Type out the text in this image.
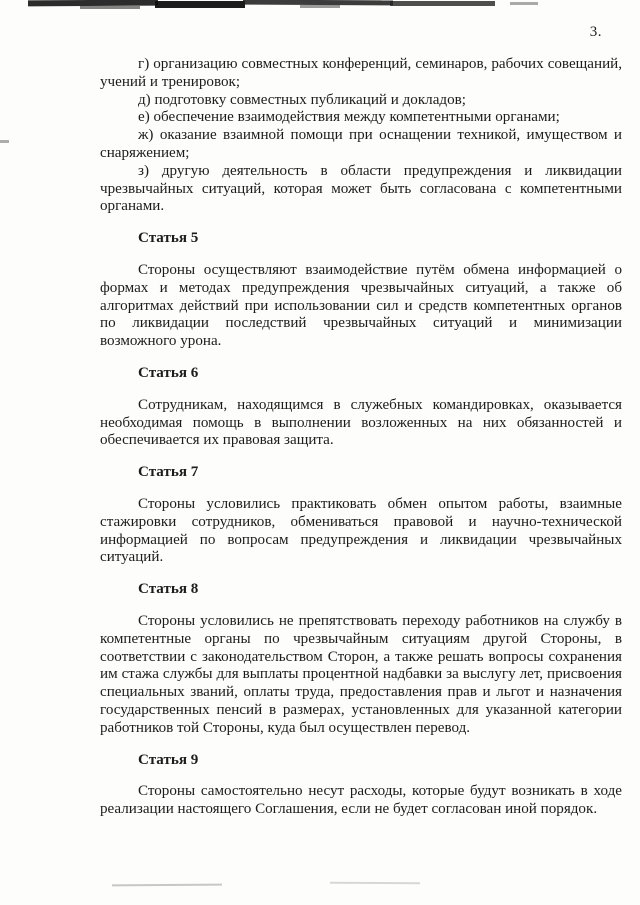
3.

г) организацию совместных конференций, семинаров, рабочих совещаний, учений и тренировок;

д) подготовку совместных публикаций и докладов;

е) обеспечение взаимодействия между компетентными органами;

ж) оказание взаимной помощи при оснащении техникой, имуществом и снаряжением;

з) другую деятельность в области предупреждения и ликвидации чрезвычайных ситуаций, которая может быть согласована с компетентными органами.

Статья 5

Стороны осуществляют взаимодействие путём обмена информацией о формах и методах предупреждения чрезвычайных ситуаций, а также об алгоритмах действий при использовании сил и средств компетентных органов по ликвидации последствий чрезвычайных ситуаций и минимизации возможного урона.

Статья 6

Сотрудникам, находящимся в служебных командировках, оказывается необходимая помощь в выполнении возложенных на них обязанностей и обеспечивается их правовая защита.

Статья 7

Стороны условились практиковать обмен опытом работы, взаимные стажировки сотрудников, обмениваться правовой и научно-технической информацией по вопросам предупреждения и ликвидации чрезвычайных ситуаций.

Статья 8

Стороны условились не препятствовать переходу работников на службу в компетентные органы по чрезвычайным ситуациям другой Стороны, в соответствии с законодательством Сторон, а также решать вопросы сохранения им стажа службы для выплаты процентной надбавки за выслугу лет, присвоения специальных званий, оплаты труда, предоставления прав и льгот и назначения государственных пенсий в размерах, установленных для указанной категории работников той Стороны, куда был осуществлен перевод.

Статья 9

Стороны самостоятельно несут расходы, которые будут возникать в ходе реализации настоящего Соглашения, если не будет согласован иной порядок.
